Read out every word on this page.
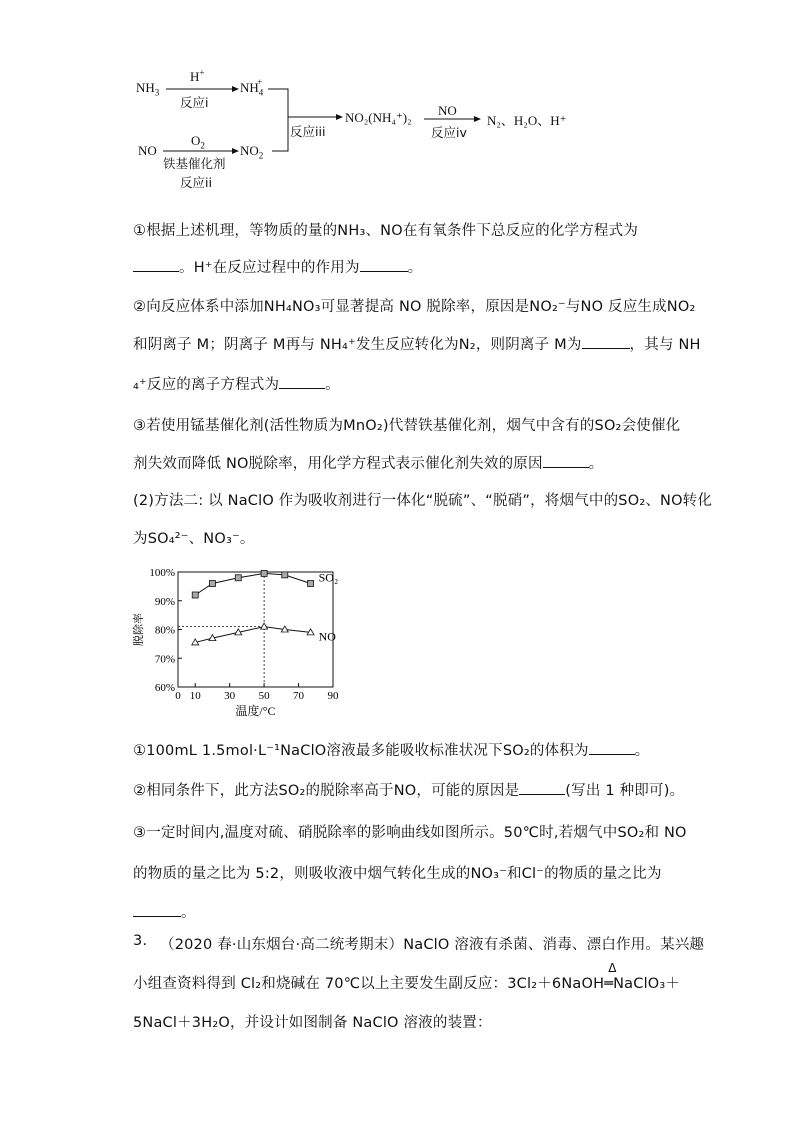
$NH_3$
H+
反应i
$NH_4^+$
NO
$O_2$
铁基催化剂
反应ii
$NO_2$
反应iii
NO₂(NH₄⁺)₂ NO
反应iv
N₂、H₂O、H⁺
①根据上述机理，等物质的量的NH₃、NO在有氧条件下总反应的化学方程式为
。H⁺在反应过程中的作用为	。
②向反应体系中添加NH₄NO₃可显著提高 NO 脱除率，原因是NO₂⁻与NO 反应生成NO₂
和阴离子 M；阴离子 M再与 NH₄⁺发生反应转化为N₂，则阴离子 M为	，其与 NH
₄⁺反应的离子方程式为	。
③若使用锰基催化剂(活性物质为MnO₂)代替铁基催化剂，烟气中含有的SO₂会使催化
剂失效而降低 NO脱除率，用化学方程式表示催化剂失效的原因	。
(2)方法二: 以 NaClO 作为吸收剂进行一体化“脱硫”、“脱硝”，将烟气中的SO₂、NO转化
为SO₄²⁻、NO₃⁻。
60%
70%
80%
90%
100%
0 10 30 50 70 90
温度/°C
脱除率
SO₂
NO
①100mL 1.5mol·L⁻¹NaClO溶液最多能吸收标准状况下SO₂的体积为	。
②相同条件下，此方法SO₂的脱除率高于NO，可能的原因是	(写出 1 种即可)。
③一定时间内,温度对硫、硝脱除率的影响曲线如图所示。50℃时,若烟气中SO₂和 NO
的物质的量之比为 5:2，则吸收液中烟气转化生成的NO₃⁻和Cl⁻的物质的量之比为
。
3. （2020 春·山东烟台·高二统考期末）NaClO 溶液有杀菌、消毒、漂白作用。某兴趣
小组查资料得到 Cl₂和烧碱在 70℃以上主要发生副反应：3Cl₂＋6NaOH
Δ
═NaClO₃＋
5NaCl＋3H₂O，并设计如图制备 NaClO 溶液的装置：
